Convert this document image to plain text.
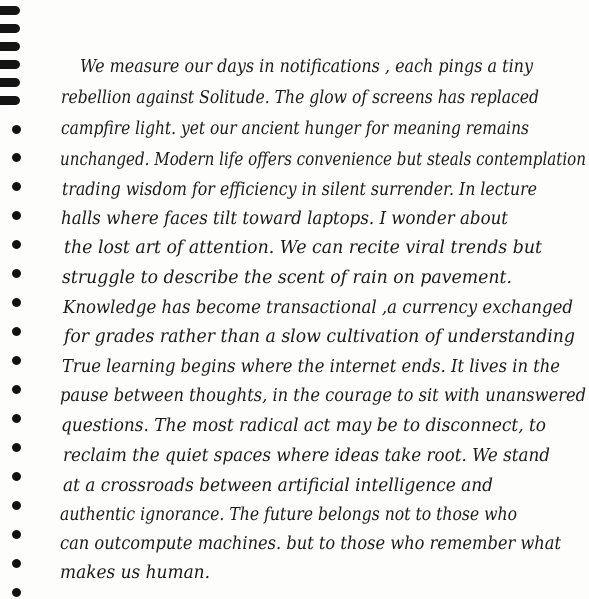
We measure our days in notifications , each pings a tiny
rebellion against Solitude. The glow of screens has replaced
campfire light. yet our ancient hunger for meaning remains
unchanged. Modern life offers convenience but steals contemplation
trading wisdom for efficiency in silent surrender. In lecture
halls where faces tilt toward laptops. I wonder about
the lost art of attention. We can recite viral trends but
struggle to describe the scent of rain on pavement.
Knowledge has become transactional ,a currency exchanged
for grades rather than a slow cultivation of understanding
True learning begins where the internet ends. It lives in the
pause between thoughts, in the courage to sit with unanswered
questions. The most radical act may be to disconnect, to
reclaim the quiet spaces where ideas take root. We stand
at a crossroads between artificial intelligence and
authentic ignorance. The future belongs not to those who
can outcompute machines. but to those who remember what
makes us human.
